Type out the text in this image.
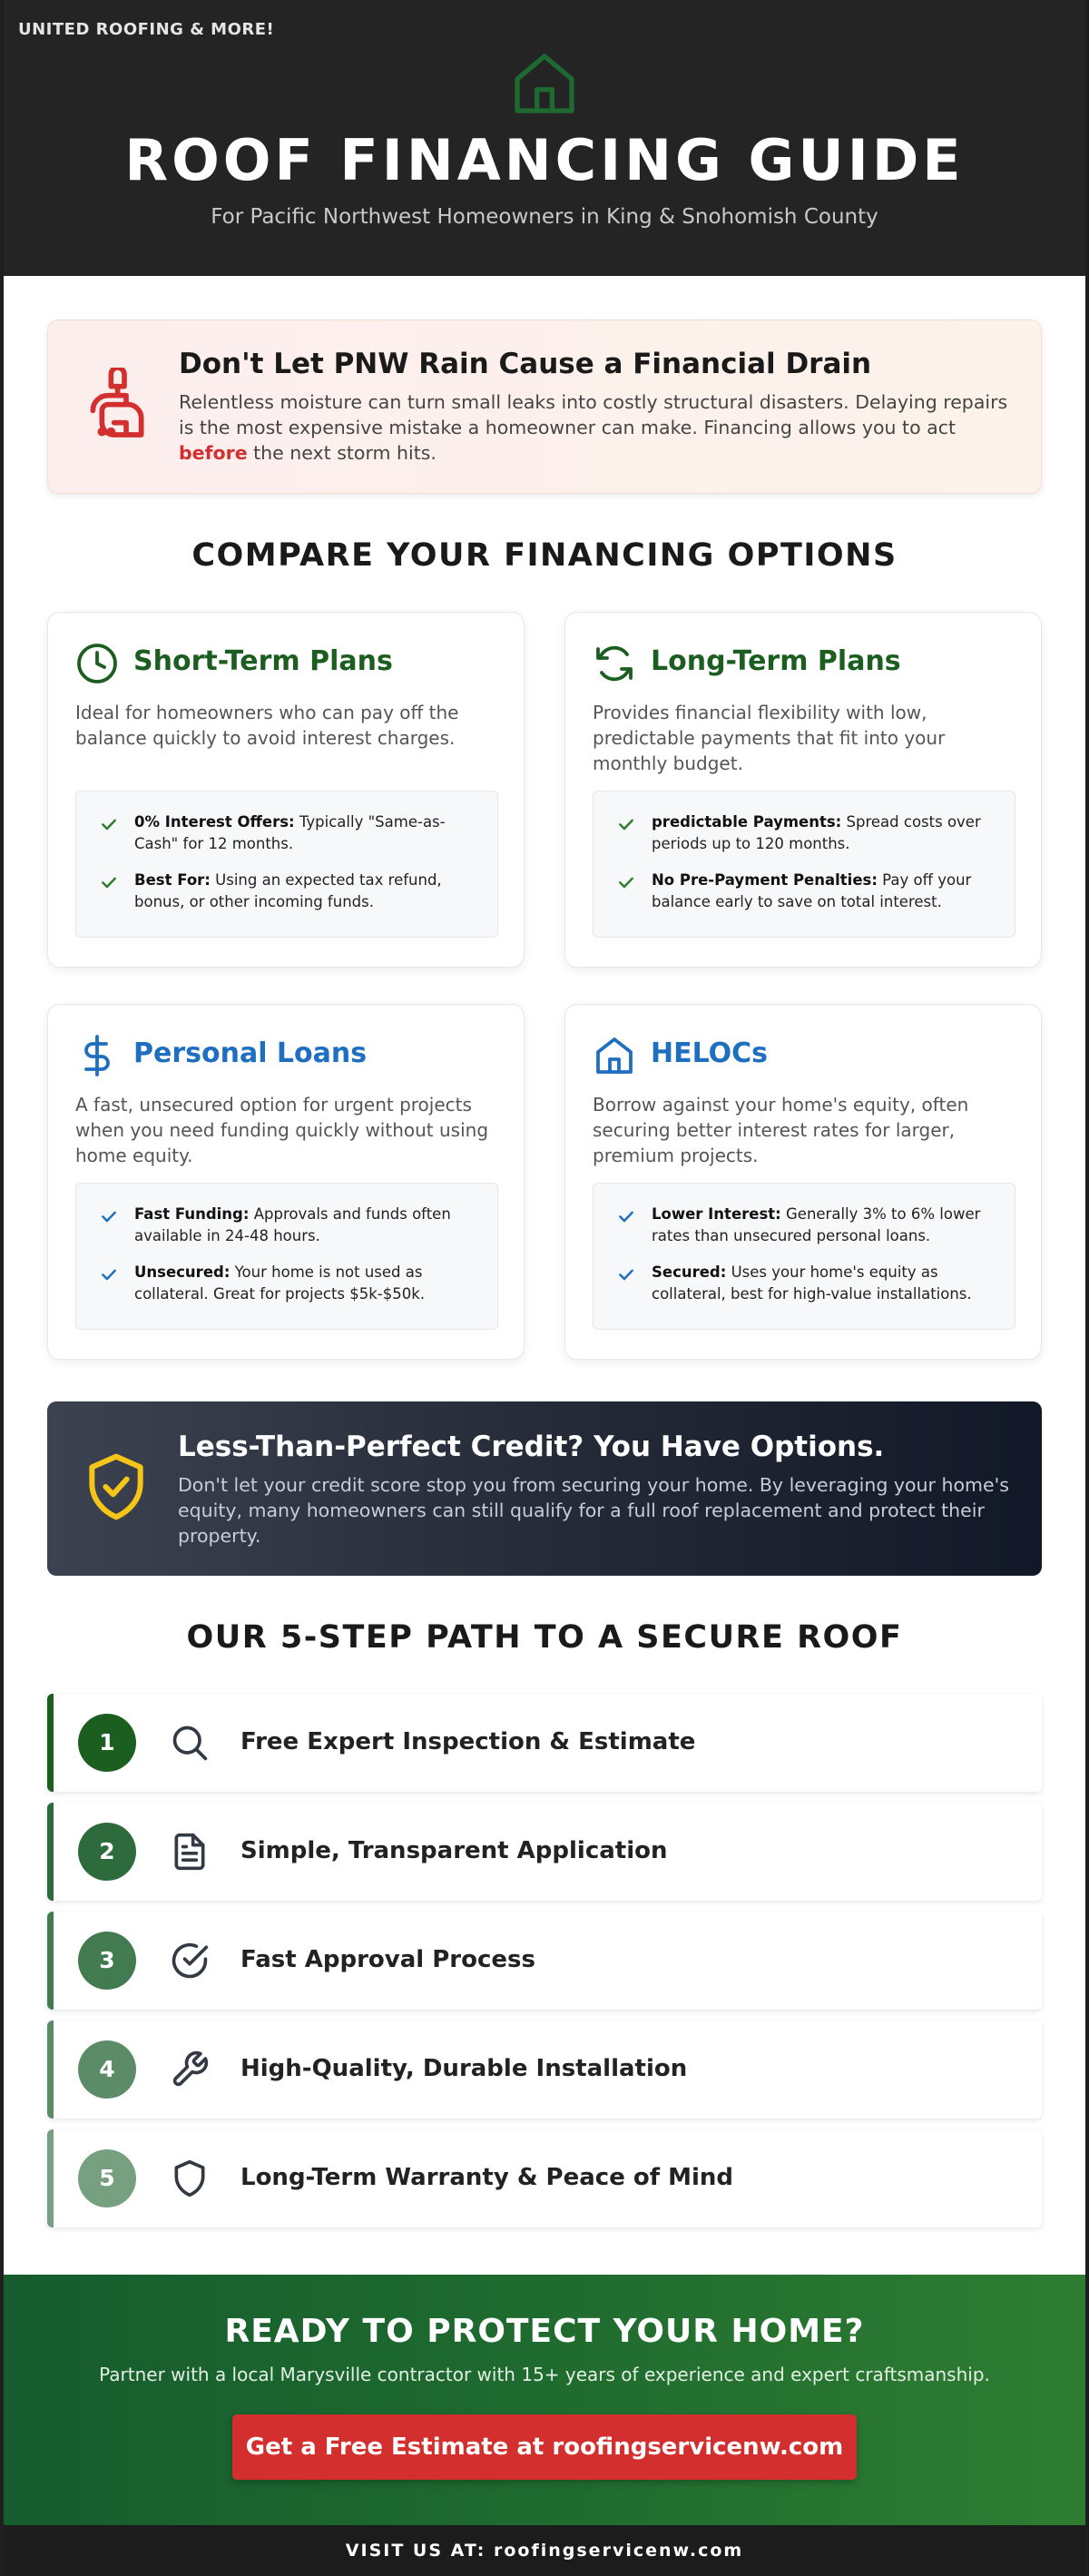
UNITED ROOFING & MORE!
ROOF FINANCING GUIDE
For Pacific Northwest Homeowners in King & Snohomish County
Don't Let PNW Rain Cause a Financial Drain
Relentless moisture can turn small leaks into costly structural disasters. Delaying repairs is the most expensive mistake a homeowner can make. Financing allows you to act before the next storm hits.
COMPARE YOUR FINANCING OPTIONS
Short-Term Plans
Ideal for homeowners who can pay off the balance quickly to avoid interest charges.
0% Interest Offers: Typically "Same-as-Cash" for 12 months.
Best For: Using an expected tax refund, bonus, or other incoming funds.
Long-Term Plans
Provides financial flexibility with low, predictable payments that fit into your monthly budget.
predictable Payments: Spread costs over periods up to 120 months.
No Pre-Payment Penalties: Pay off your balance early to save on total interest.
Personal Loans
A fast, unsecured option for urgent projects when you need funding quickly without using home equity.
Fast Funding: Approvals and funds often available in 24-48 hours.
Unsecured: Your home is not used as collateral. Great for projects $5k-$50k.
HELOCs
Borrow against your home's equity, often securing better interest rates for larger, premium projects.
Lower Interest: Generally 3% to 6% lower rates than unsecured personal loans.
Secured: Uses your home's equity as collateral, best for high-value installations.
Less-Than-Perfect Credit? You Have Options.
Don't let your credit score stop you from securing your home. By leveraging your home's equity, many homeowners can still qualify for a full roof replacement and protect their property.
OUR 5-STEP PATH TO A SECURE ROOF
1	Free Expert Inspection & Estimate
2	Simple, Transparent Application
3	Fast Approval Process
4	High-Quality, Durable Installation
5	Long-Term Warranty & Peace of Mind
READY TO PROTECT YOUR HOME?
Partner with a local Marysville contractor with 15+ years of experience and expert craftsmanship.
Get a Free Estimate at roofingservicenw.com
VISIT US AT: roofingservicenw.com
